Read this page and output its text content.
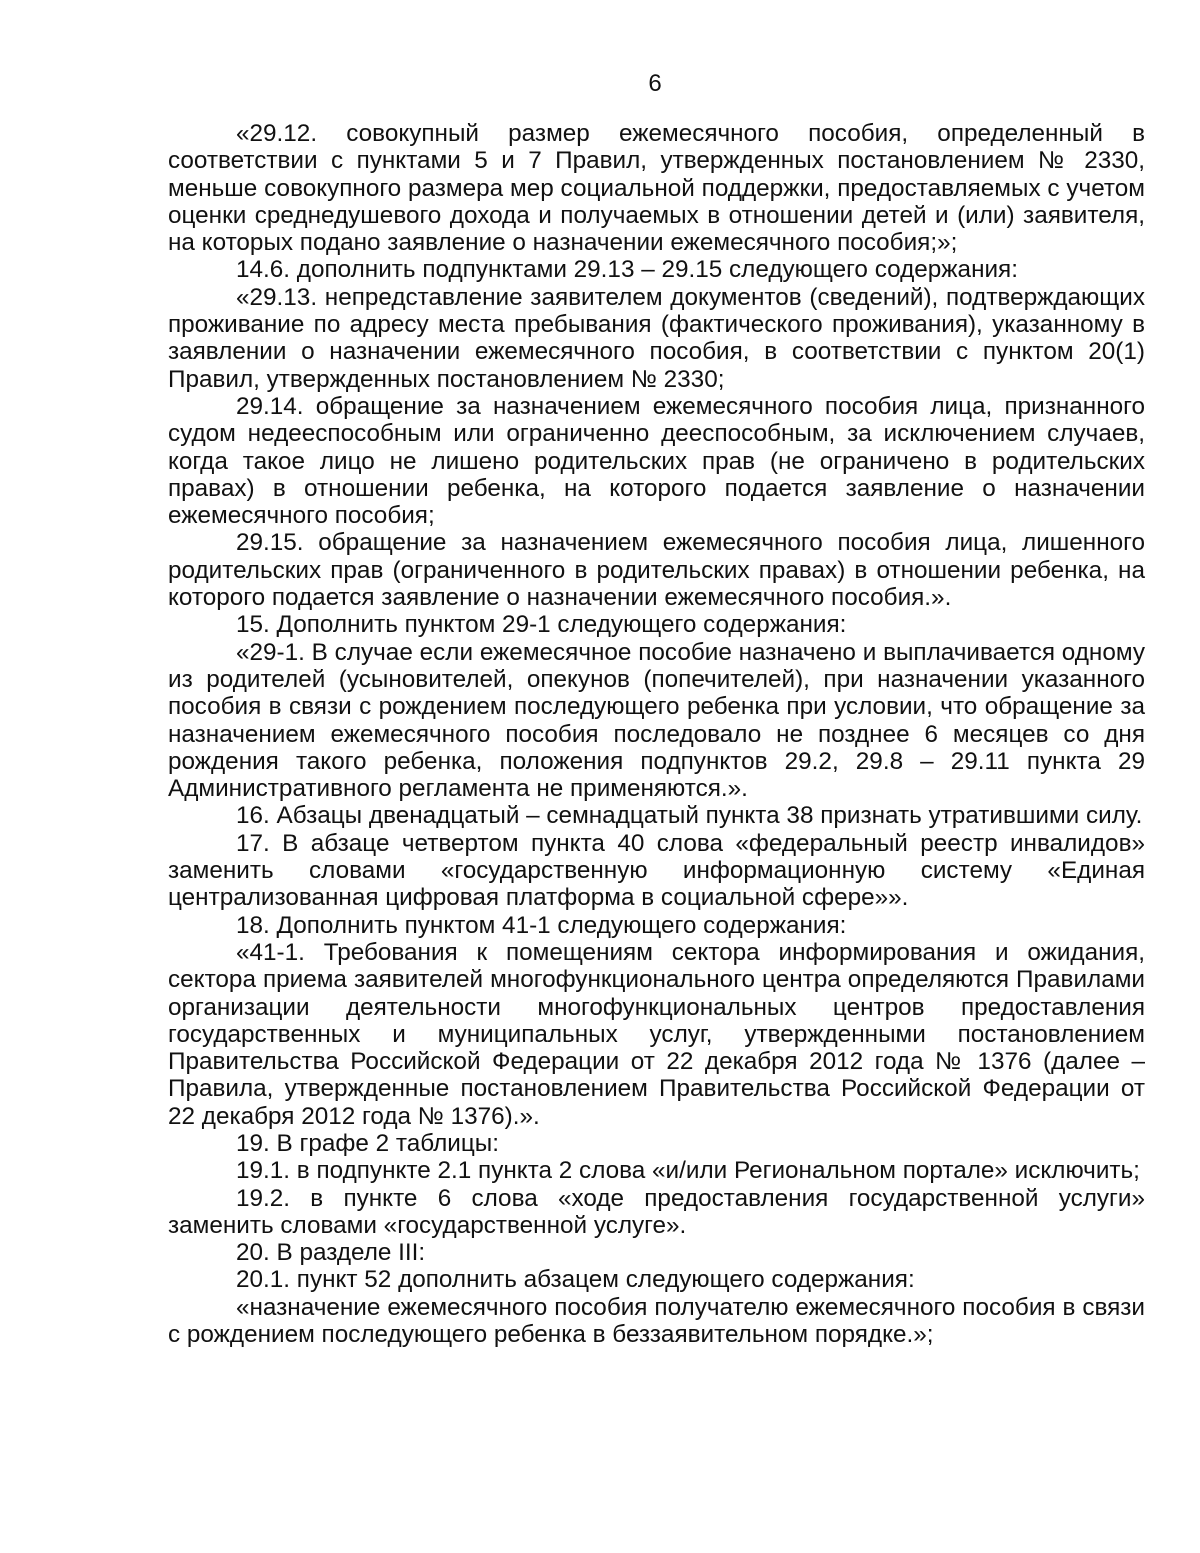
6

«29.12. совокупный размер ежемесячного пособия, определенный в соответствии с пунктами 5 и 7 Правил, утвержденных постановлением № 2330, меньше совокупного размера мер социальной поддержки, предоставляемых с учетом оценки среднедушевого дохода и получаемых в отношении детей и (или) заявителя, на которых подано заявление о назначении ежемесячного пособия;»;

14.6. дополнить подпунктами 29.13 – 29.15 следующего содержания:

«29.13. непредставление заявителем документов (сведений), подтверждающих проживание по адресу места пребывания (фактического проживания), указанному в заявлении о назначении ежемесячного пособия, в соответствии с пунктом 20(1) Правил, утвержденных постановлением № 2330;

29.14. обращение за назначением ежемесячного пособия лица, признанного судом недееспособным или ограниченно дееспособным, за исключением случаев, когда такое лицо не лишено родительских прав (не ограничено в родительских правах) в отношении ребенка, на которого подается заявление о назначении ежемесячного пособия;

29.15. обращение за назначением ежемесячного пособия лица, лишенного родительских прав (ограниченного в родительских правах) в отношении ребенка, на которого подается заявление о назначении ежемесячного пособия.».

15. Дополнить пунктом 29-1 следующего содержания:

«29-1. В случае если ежемесячное пособие назначено и выплачивается одному из родителей (усыновителей, опекунов (попечителей), при назначении указанного пособия в связи с рождением последующего ребенка при условии, что обращение за назначением ежемесячного пособия последовало не позднее 6 месяцев со дня рождения такого ребенка, положения подпунктов 29.2, 29.8 – 29.11 пункта 29 Административного регламента не применяются.».

16. Абзацы двенадцатый – семнадцатый пункта 38 признать утратившими силу.

17. В абзаце четвертом пункта 40 слова «федеральный реестр инвалидов» заменить словами «государственную информационную систему «Единая централизованная цифровая платформа в социальной сфере»».

18. Дополнить пунктом 41-1 следующего содержания:

«41-1. Требования к помещениям сектора информирования и ожидания, сектора приема заявителей многофункционального центра определяются Правилами организации деятельности многофункциональных центров предоставления государственных и муниципальных услуг, утвержденными постановлением Правительства Российской Федерации от 22 декабря 2012 года № 1376 (далее – Правила, утвержденные постановлением Правительства Российской Федерации от 22 декабря 2012 года № 1376).».

19. В графе 2 таблицы:

19.1. в подпункте 2.1 пункта 2 слова «и/или Региональном портале» исключить;

19.2. в пункте 6 слова «ходе предоставления государственной услуги» заменить словами «государственной услуге».

20. В разделе III:

20.1. пункт 52 дополнить абзацем следующего содержания:

«назначение ежемесячного пособия получателю ежемесячного пособия в связи с рождением последующего ребенка в беззаявительном порядке.»;
